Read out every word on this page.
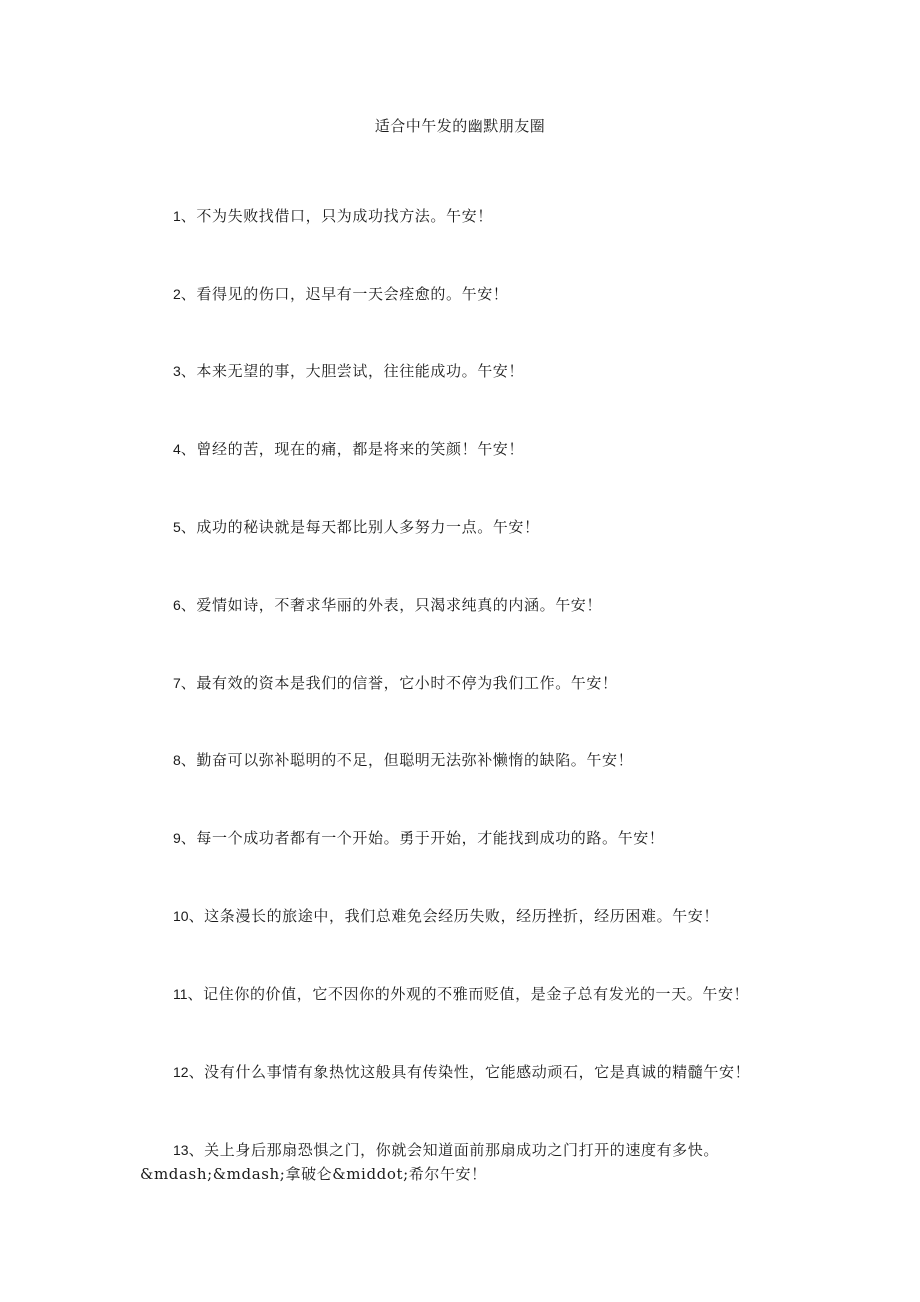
适合中午发的幽默朋友圈
1、不为失败找借口，只为成功找方法。午安！
2、看得见的伤口，迟早有一天会痊愈的。午安！
3、本来无望的事，大胆尝试，往往能成功。午安！
4、曾经的苦，现在的痛，都是将来的笑颜！午安！
5、成功的秘诀就是每天都比别人多努力一点。午安！
6、爱情如诗，不奢求华丽的外表，只渴求纯真的内涵。午安！
7、最有效的资本是我们的信誉，它小时不停为我们工作。午安！
8、勤奋可以弥补聪明的不足，但聪明无法弥补懒惰的缺陷。午安！
9、每一个成功者都有一个开始。勇于开始，才能找到成功的路。午安！
10、这条漫长的旅途中，我们总难免会经历失败，经历挫折，经历困难。午安！
11、记住你的价值，它不因你的外观的不雅而贬值，是金子总有发光的一天。午安！
12、没有什么事情有象热忱这般具有传染性，它能感动顽石，它是真诚的精髓午安！
13、关上身后那扇恐惧之门，你就会知道面前那扇成功之门打开的速度有多快。&mdash;&mdash;拿破仑&middot;希尔午安！
